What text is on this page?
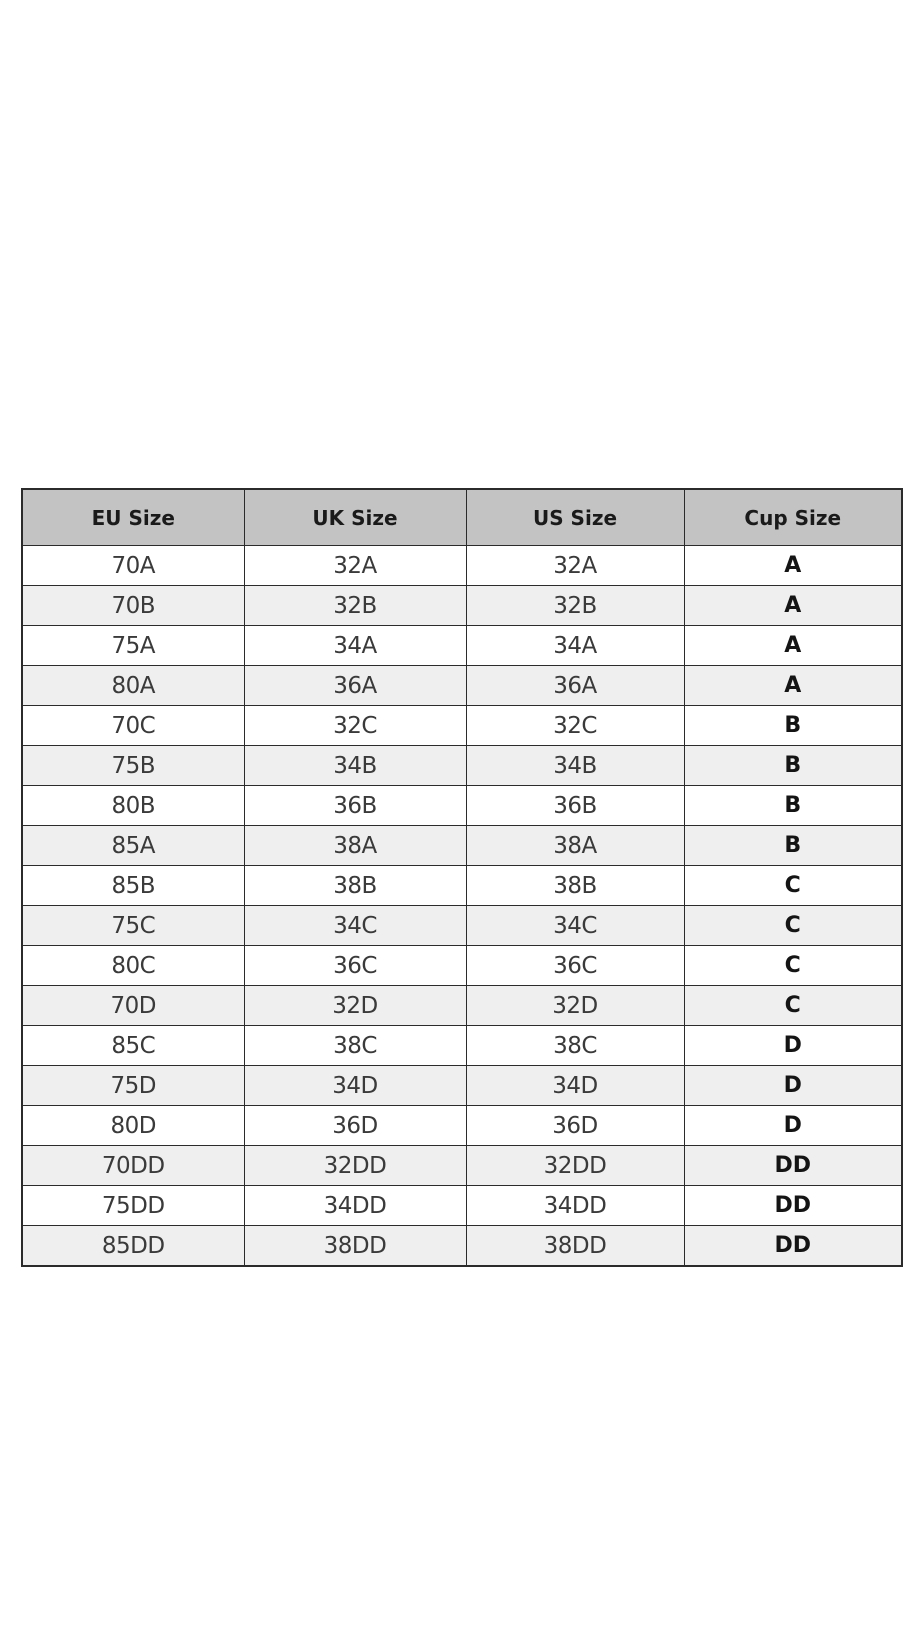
EU Size	UK Size	US Size	Cup Size
70A	32A	32A	A
70B	32B	32B	A
75A	34A	34A	A
80A	36A	36A	A
70C	32C	32C	B
75B	34B	34B	B
80B	36B	36B	B
85A	38A	38A	B
85B	38B	38B	C
75C	34C	34C	C
80C	36C	36C	C
70D	32D	32D	C
85C	38C	38C	D
75D	34D	34D	D
80D	36D	36D	D
70DD	32DD	32DD	DD
75DD	34DD	34DD	DD
85DD	38DD	38DD	DD
